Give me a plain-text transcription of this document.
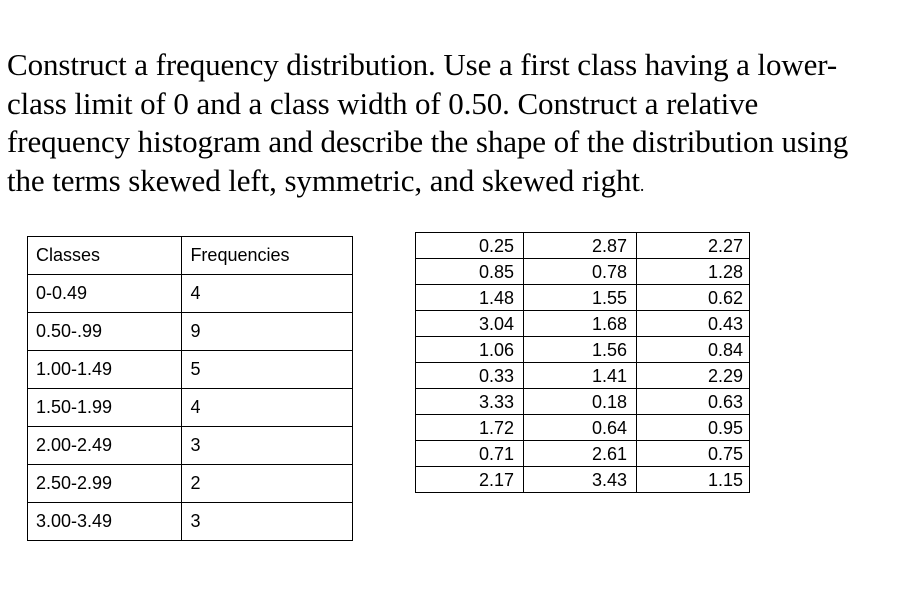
Construct a frequency distribution. Use a first class having a lower-
class limit of 0 and a class width of 0.50. Construct a relative
frequency histogram and describe the shape of the distribution using
the terms skewed left, symmetric, and skewed right.
Classes	Frequencies
0-0.49	4
0.50-.99	9
1.00-1.49	5
1.50-1.99	4
2.00-2.49	3
2.50-2.99	2
3.00-3.49	3
0.25	2.87	2.27
0.85	0.78	1.28
1.48	1.55	0.62
3.04	1.68	0.43
1.06	1.56	0.84
0.33	1.41	2.29
3.33	0.18	0.63
1.72	0.64	0.95
0.71	2.61	0.75
2.17	3.43	1.15
